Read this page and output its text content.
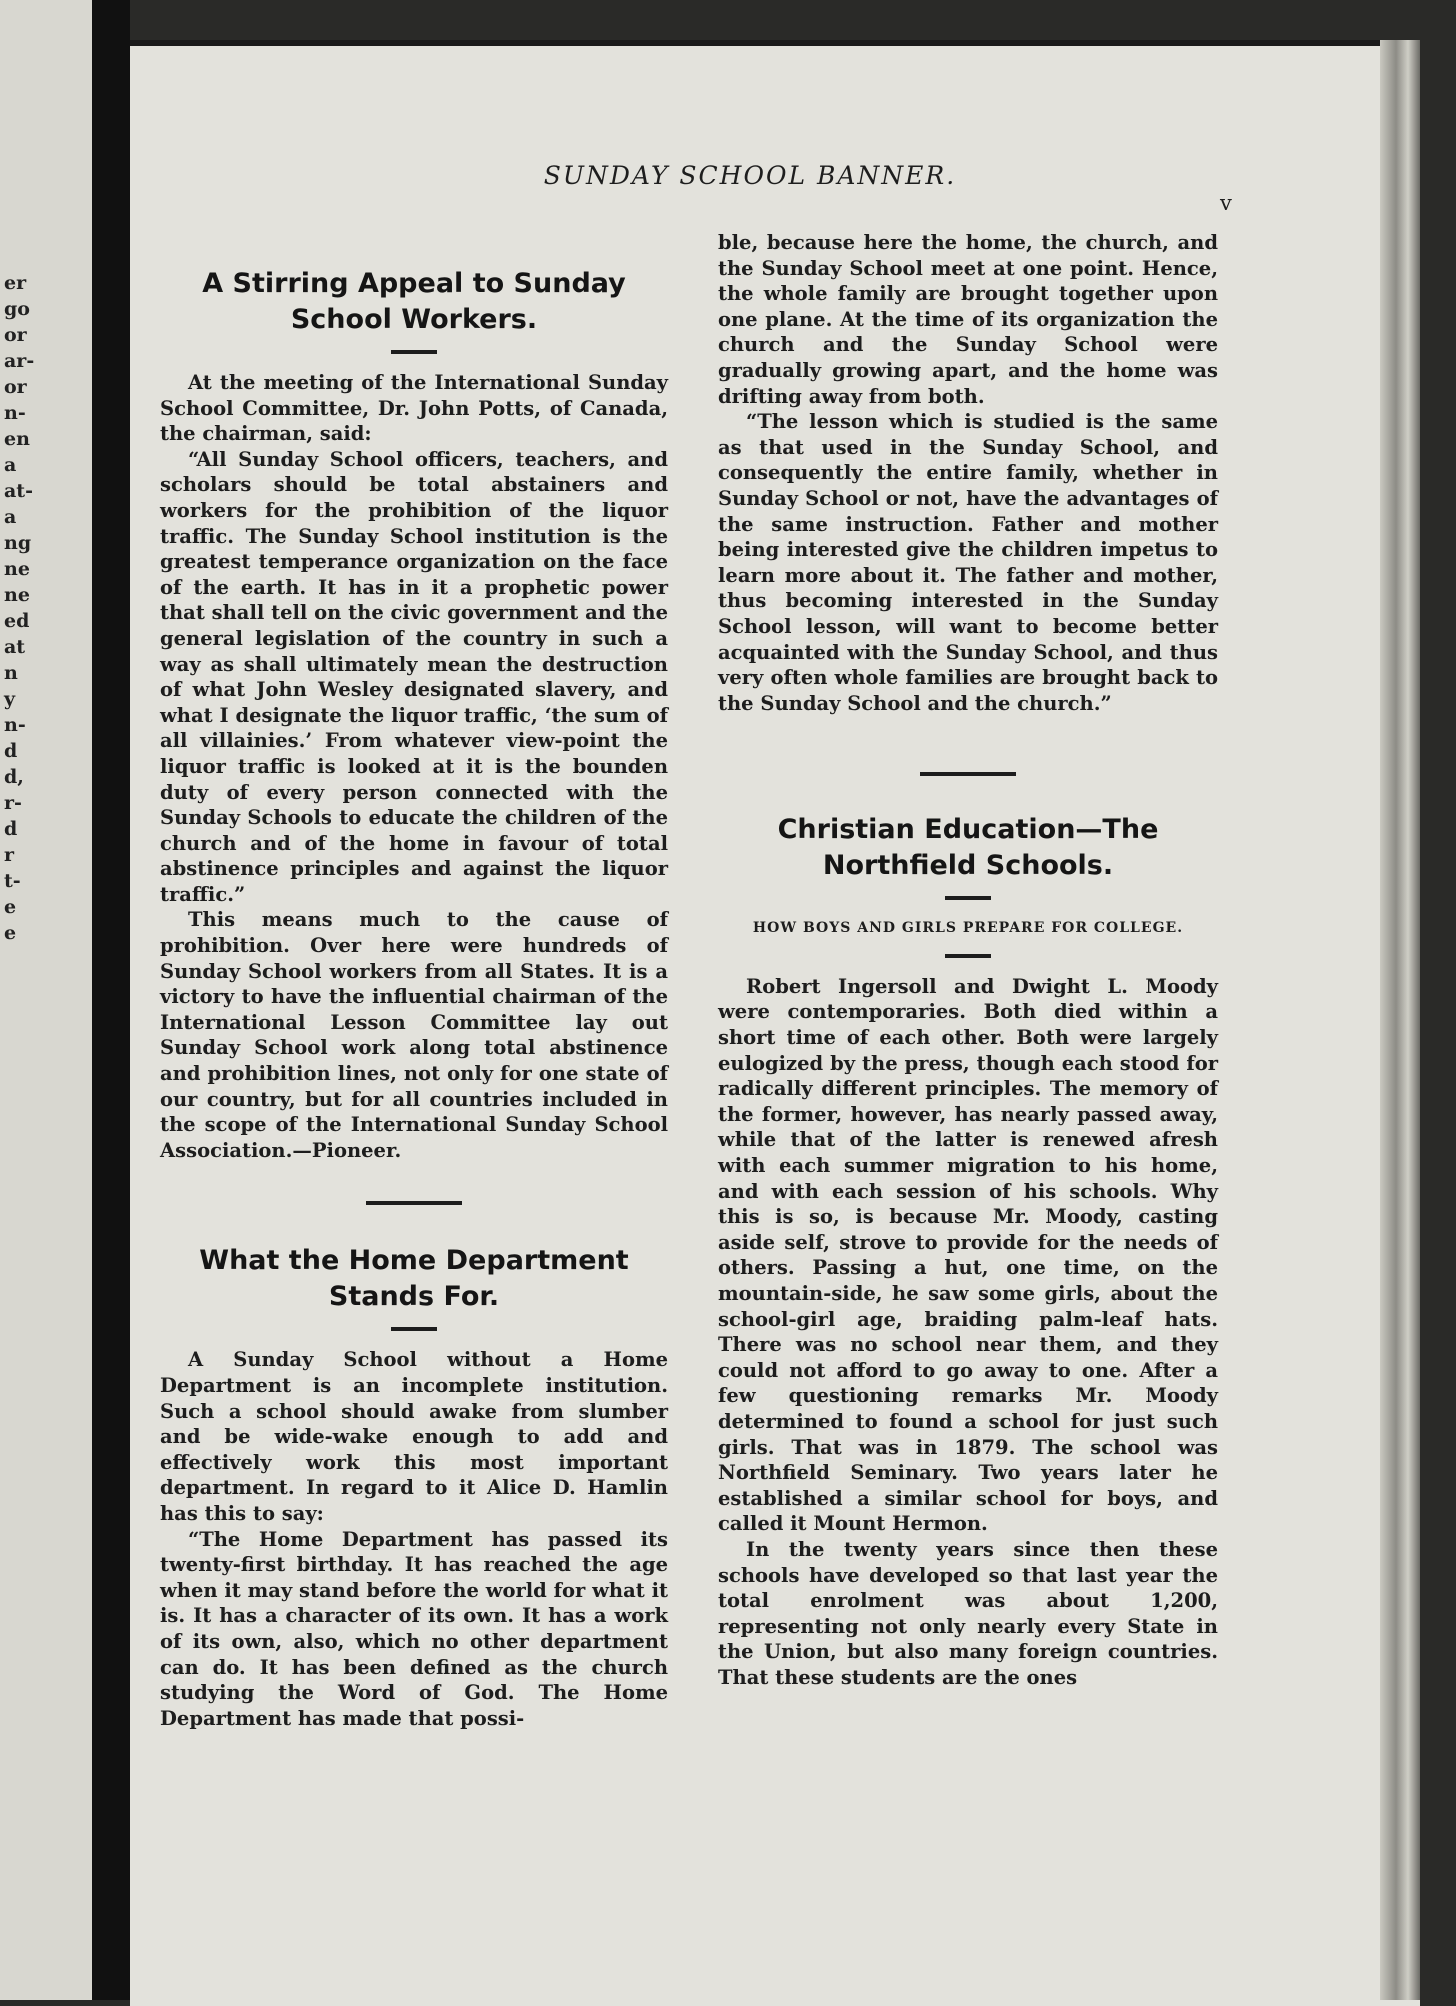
er
go
or
ar-
or
n-
en
a
at-
a
ng
ne
ne
ed
at
n
y
n-
d
d,
r-
d
r
t-
e
e
SUNDAY SCHOOL BANNER.
v
A Stirring Appeal to Sunday School Workers.

At the meeting of the International Sunday School Committee, Dr. John Potts, of Canada, the chairman, said:

“All Sunday School officers, teachers, and scholars should be total abstainers and workers for the prohibition of the liquor traffic. The Sunday School institution is the greatest temperance organization on the face of the earth. It has in it a prophetic power that shall tell on the civic government and the general legislation of the country in such a way as shall ultimately mean the destruction of what John Wesley designated slavery, and what I designate the liquor traffic, ‘the sum of all villainies.’ From whatever view-point the liquor traffic is looked at it is the bounden duty of every person connected with the Sunday Schools to educate the children of the church and of the home in favour of total abstinence principles and against the liquor traffic.”

This means much to the cause of prohibition. Over here were hundreds of Sunday School workers from all States. It is a victory to have the influential chairman of the International Lesson Committee lay out Sunday School work along total abstinence and prohibition lines, not only for one state of our country, but for all countries included in the scope of the International Sunday School Association.—Pioneer.

What the Home Department Stands For.

A Sunday School without a Home Department is an incomplete institution. Such a school should awake from slumber and be wide-wake enough to add and effectively work this most important department. In regard to it Alice D. Hamlin has this to say:

“The Home Department has passed its twenty-first birthday. It has reached the age when it may stand before the world for what it is. It has a character of its own. It has a work of its own, also, which no other department can do. It has been defined as the church studying the Word of God. The Home Department has made that possi-

ble, because here the home, the church, and the Sunday School meet at one point. Hence, the whole family are brought together upon one plane. At the time of its organization the church and the Sunday School were gradually growing apart, and the home was drifting away from both.

“The lesson which is studied is the same as that used in the Sunday School, and consequently the entire family, whether in Sunday School or not, have the advantages of the same instruction. Father and mother being interested give the children impetus to learn more about it. The father and mother, thus becoming interested in the Sunday School lesson, will want to become better acquainted with the Sunday School, and thus very often whole families are brought back to the Sunday School and the church.”

Christian Education—The Northfield Schools.
HOW BOYS AND GIRLS PREPARE FOR COLLEGE.

Robert Ingersoll and Dwight L. Moody were contemporaries. Both died within a short time of each other. Both were largely eulogized by the press, though each stood for radically different principles. The memory of the former, however, has nearly passed away, while that of the latter is renewed afresh with each summer migration to his home, and with each session of his schools. Why this is so, is because Mr. Moody, casting aside self, strove to provide for the needs of others. Passing a hut, one time, on the mountain-side, he saw some girls, about the school-girl age, braiding palm-leaf hats. There was no school near them, and they could not afford to go away to one. After a few questioning remarks Mr. Moody determined to found a school for just such girls. That was in 1879. The school was Northfield Seminary. Two years later he established a similar school for boys, and called it Mount Hermon.

In the twenty years since then these schools have developed so that last year the total enrolment was about 1,200, representing not only nearly every State in the Union, but also many foreign countries. That these students are the ones
